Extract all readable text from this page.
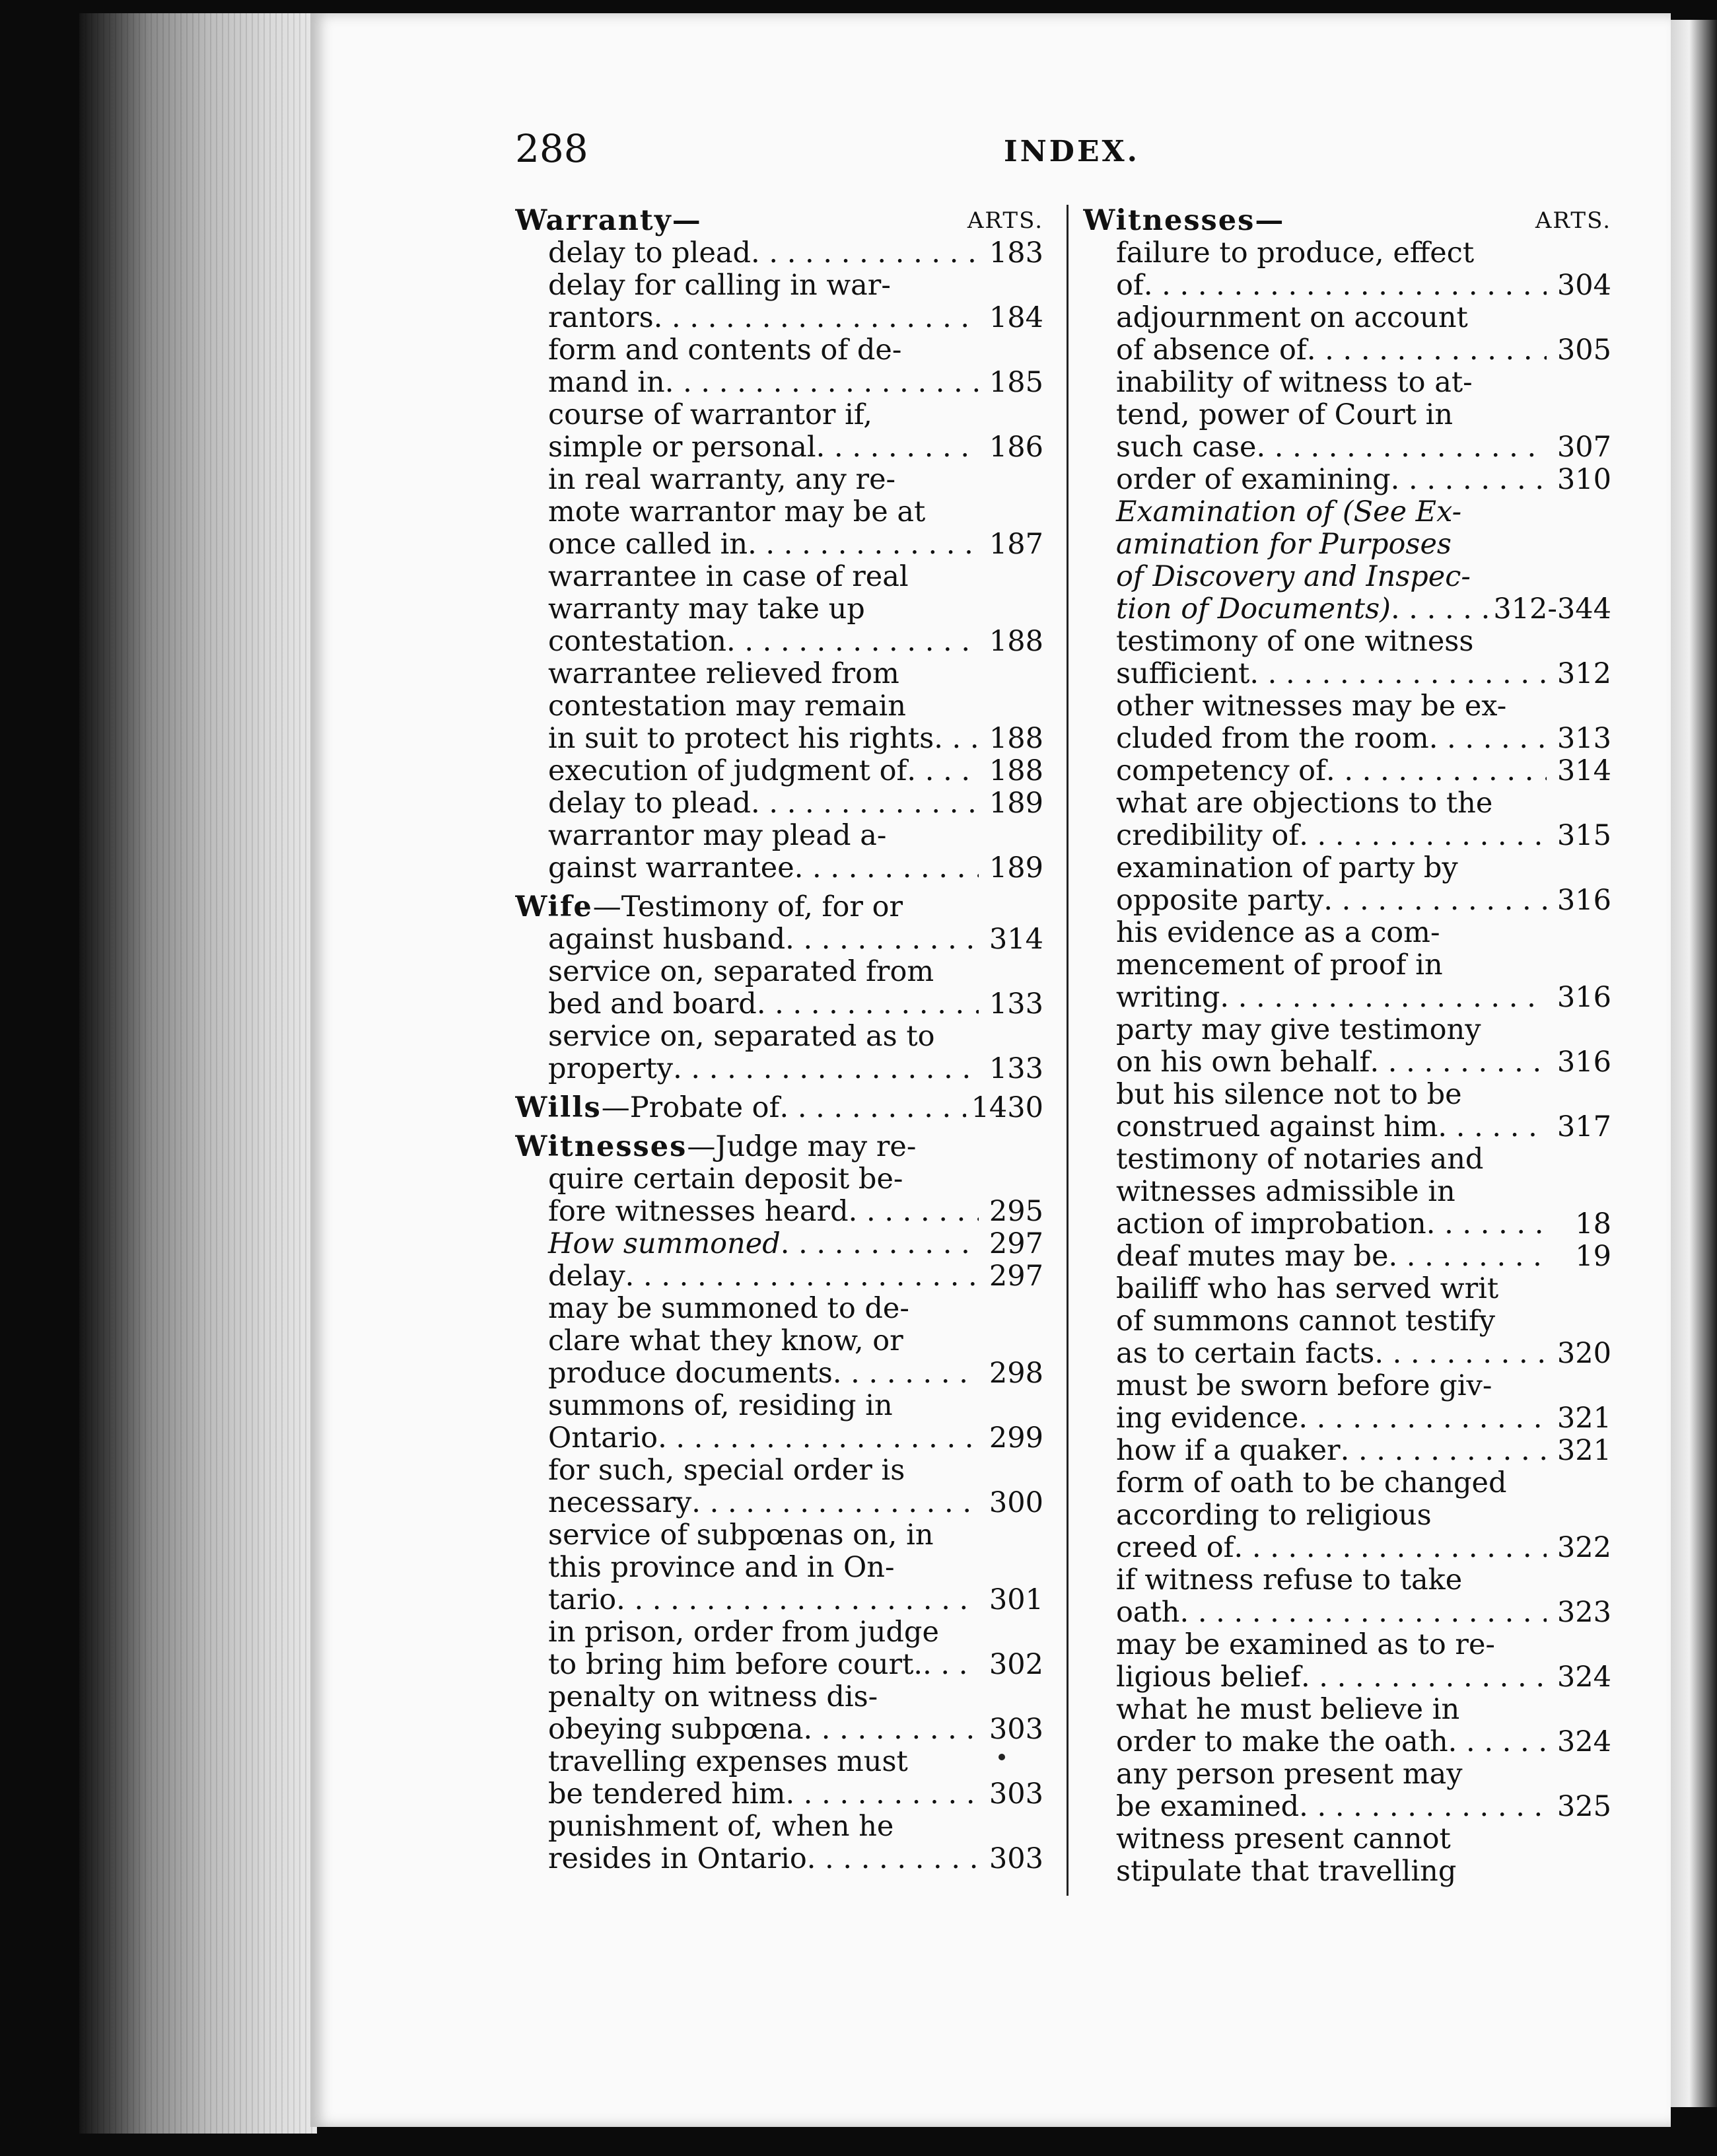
288	INDEX.
Warranty—	ARTS.
delay to plead . . .	183
delay for calling in war-
rantors . . .	184
form and contents of de-
mand in . . .	185
course of warrantor if,
simple or personal . . .	186
in real warranty, any re-
mote warrantor may be at
once called in . . .	187
warrantee in case of real
warranty may take up
contestation . . .	188
warrantee relieved from
contestation may remain
in suit to protect his rights . . .	188
execution of judgment of . . .	188
delay to plead . . .	189
warrantor may plead a-
gainst warrantee . . .	189
Wife—Testimony of, for or
against husband . . .	314
service on, separated from
bed and board . . .	133
service on, separated as to
property . . .	133
Wills—Probate of . . .	1430
Witnesses—Judge may re-
quire certain deposit be-
fore witnesses heard . . .	295
How summoned . . .	297
delay . . .	297
may be summoned to de-
clare what they know, or
produce documents . . .	298
summons of, residing in
Ontario . . .	299
for such, special order is
necessary . . .	300
service of subpœnas on, in
this province and in On-
tario . . .	301
in prison, order from judge
to bring him before court. . . .	302
penalty on witness dis-
obeying subpœna . . .	303
travelling expenses must
be tendered him . . .	303
punishment of, when he
resides in Ontario . . .	303
Witnesses—	ARTS.
failure to produce, effect
of . . .	304
adjournment on account
of absence of . . .	305
inability of witness to at-
tend, power of Court in
such case . . .	307
order of examining . . .	310
Examination of (See Ex-
amination for Purposes
of Discovery and Inspec-
tion of Documents) . . .	312-344
testimony of one witness
sufficient . . .	312
other witnesses may be ex-
cluded from the room . . .	313
competency of . . .	314
what are objections to the
credibility of . . .	315
examination of party by
opposite party . . .	316
his evidence as a com-
mencement of proof in
writing . . .	316
party may give testimony
on his own behalf . . .	316
but his silence not to be
construed against him . . .	317
testimony of notaries and
witnesses admissible in
action of improbation . . .	18
deaf mutes may be . . .	19
bailiff who has served writ
of summons cannot testify
as to certain facts . . .	320
must be sworn before giv-
ing evidence . . .	321
how if a quaker . . .	321
form of oath to be changed
according to religious
creed of . . .	322
if witness refuse to take
oath . . .	323
may be examined as to re-
ligious belief . . .	324
what he must believe in
order to make the oath . . .	324
any person present may
be examined . . .	325
witness present cannot
stipulate that travelling
